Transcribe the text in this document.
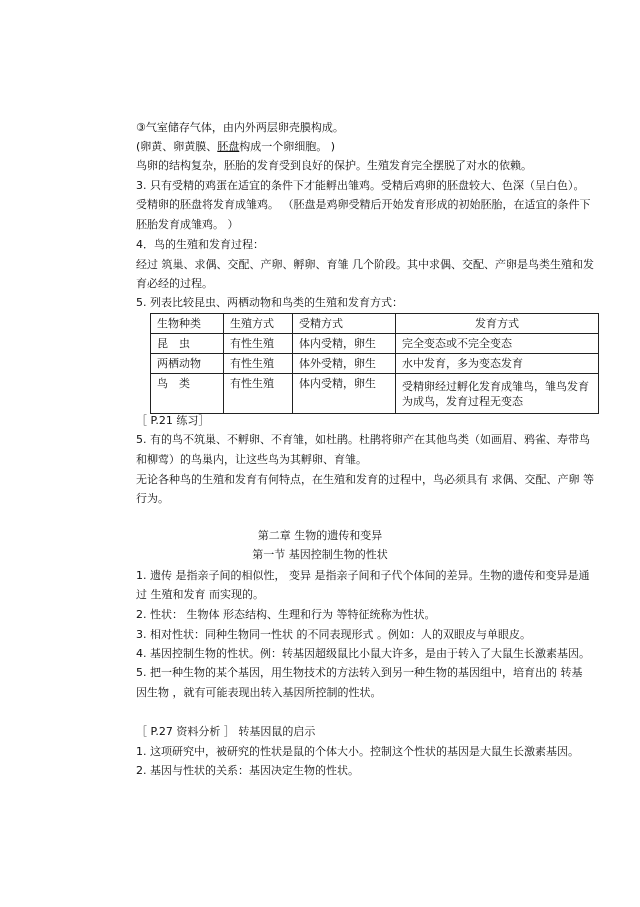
③气室储存气体，由内外两层卵壳膜构成。
(卵黄、卵黄膜、胚盘构成一个卵细胞。 )
鸟卵的结构复杂，胚胎的发育受到良好的保护。生殖发育完全摆脱了对水的依赖。
3. 只有受精的鸡蛋在适宜的条件下才能孵出雏鸡。受精后鸡卵的胚盘较大、色深（呈白色）。
受精卵的胚盘将发育成雏鸡。 （胚盘是鸡卵受精后开始发育形成的初始胚胎，在适宜的条件下
胚胎发育成雏鸡。 ）
4．鸟的生殖和发育过程：
经过 筑巢、求偶、交配、产卵、孵卵、育雏 几个阶段。其中求偶、交配、产卵是鸟类生殖和发
育必经的过程。
5. 列表比较昆虫、两栖动物和鸟类的生殖和发育方式：
生物种类	生殖方式	受精方式	发育方式
昆　虫	有性生殖	体内受精，卵生	完全变态或不完全变态
两栖动物	有性生殖	体外受精，卵生	水中发育，多为变态发育
鸟　类	有性生殖	体内受精，卵生	受精卵经过孵化发育成雏鸟，雏鸟发育
为成鸟，发育过程无变态
［ P.21 练习］
5. 有的鸟不筑巢、不孵卵、不育雏，如杜鹃。杜鹃将卵产在其他鸟类（如画眉、鸦雀、寿带鸟
和柳莺）的鸟巢内，让这些鸟为其孵卵、育雏。
无论各种鸟的生殖和发育有何特点，在生殖和发育的过程中，鸟必须具有 求偶、交配、产卵 等
行为。
第二章 生物的遗传和变异
第一节 基因控制生物的性状
1. 遗传 是指亲子间的相似性， 变异 是指亲子间和子代个体间的差异。生物的遗传和变异是通
过 生殖和发育 而实现的。
2. 性状： 生物体 形态结构、生理和行为 等特征统称为性状。
3. 相对性状：同种生物同一性状 的不同表现形式 。例如：人的双眼皮与单眼皮。
4. 基因控制生物的性状。例：转基因超级鼠比小鼠大许多，是由于转入了大鼠生长激素基因。
5. 把一种生物的某个基因，用生物技术的方法转入到另一种生物的基因组中，培育出的 转基
因生物 ，就有可能表现出转入基因所控制的性状。
［ P.27 资料分析 ］ 转基因鼠的启示
1. 这项研究中，被研究的性状是鼠的个体大小。控制这个性状的基因是大鼠生长激素基因。
2. 基因与性状的关系：基因决定生物的性状。
